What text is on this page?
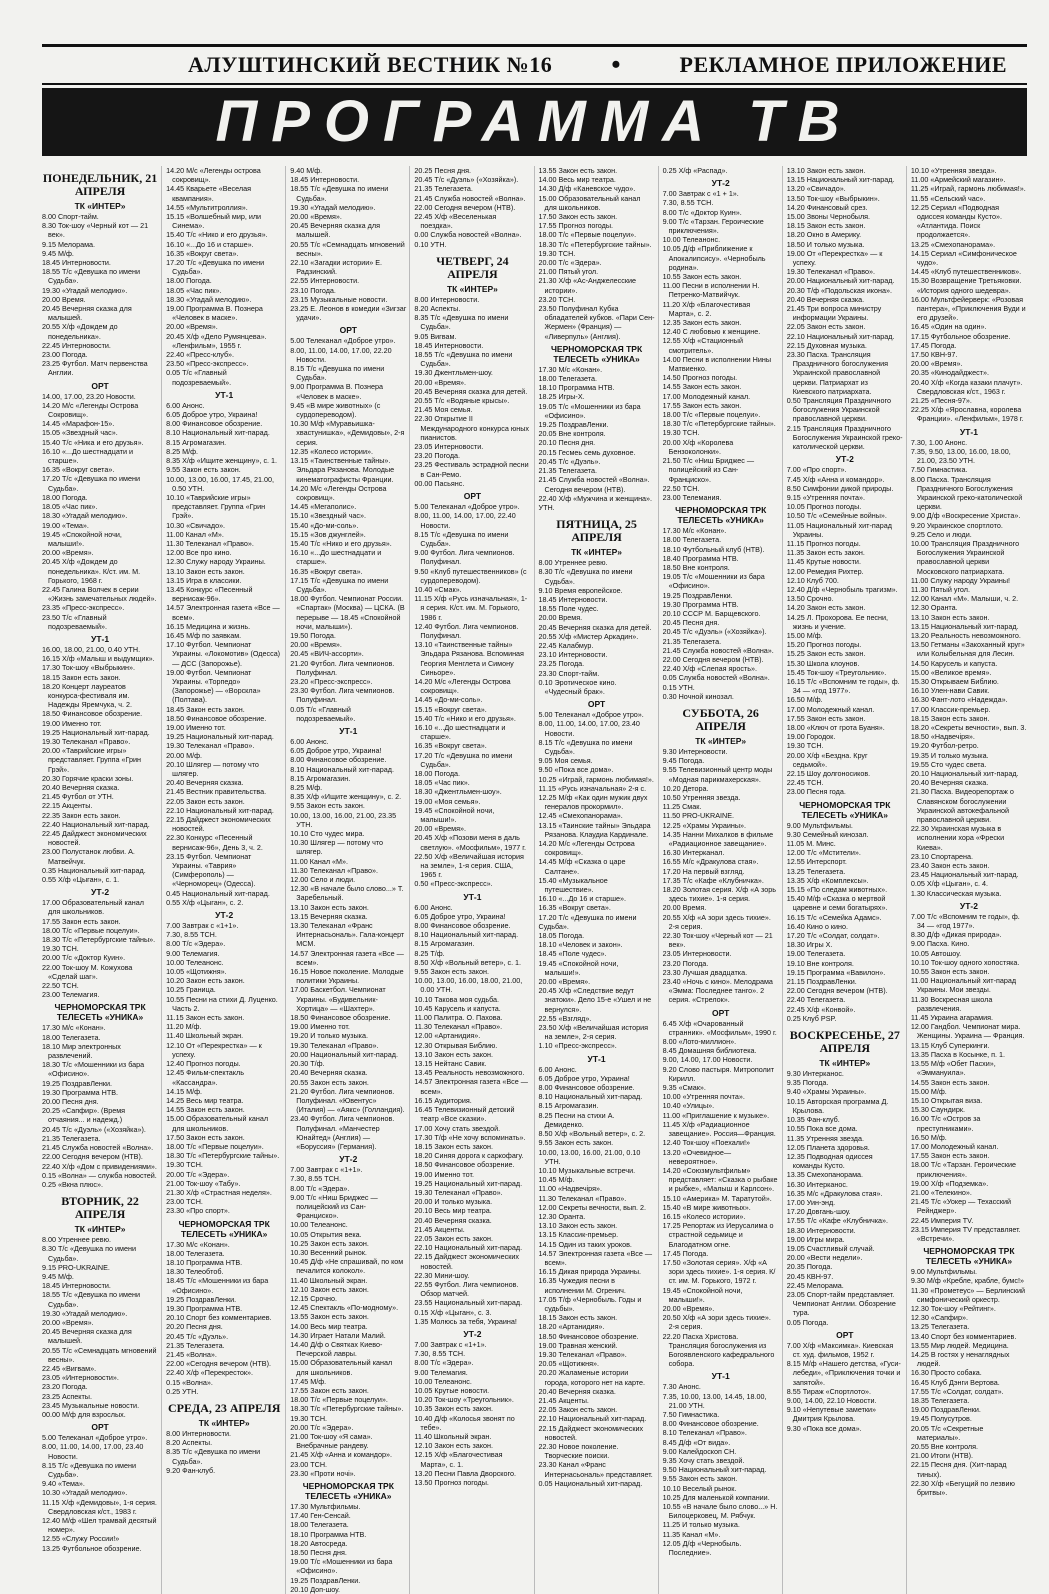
АЛУШТИНСКИЙ ВЕСТНИК №16 •	РЕКЛАМНОЕ ПРИЛОЖЕНИЕ
ПРОГРАММА ТВ
ПОНЕДЕЛЬНИК, 21 АПРЕЛЯ
ТК «ИНТЕР»
8.00 Спорт-тайм.
8.30 Ток-шоу «Черный кот — 21 век».
9.15 Мелорама.
9.45 М/ф.
18.45 Интерновости.
18.55 Т/с «Девушка по имени Судьба».
19.30 «Угадай мелодию».
20.00 Время.
20.45 Вечерняя сказка для малышей.
20.55 Х/ф «Дождем до понедельника».
22.45 Интерновости.
23.00 Погода.
23.25 Футбол. Матч первенства Англии.
ОРТ
14.00, 17.00, 23.20 Новости.
14.20 М/с «Легенды Острова Сокровищ».
14.45 «Марафон-15».
15.05 «Звездный час».
15.40 Т/с «Ника и его друзья».
16.10 «...До шестнадцати и старше».
16.35 «Вокруг света».
17.20 Т/с «Девушка по имени Судьба».
18.00 Погода.
18.05 «Час пик».
18.30 «Угадай мелодию».
19.00 «Тема».
19.45 «Спокойной ночи, малыши!».
20.00 «Время».
20.45 Х/ф «Дождем до понедельника». К/ст. им. М. Горького, 1968 г.
22.45 Галина Волчек в серии «Жизнь замечательных людей».
23.35 «Пресс-экспресс».
23.50 Т/с «Главный подозреваемый».
УТ-1
16.00, 18.00, 21.00, 0.40 УТН.
16.15 Х/ф «Малыш и выдумщик».
17.30 Ток-шоу «Выбрыкин».
18.15 Закон есть закон.
18.20 Концерт лауреатов конкурса-фестиваля им. Надежды Яремчука, ч. 2.
18.50 Финансовое обозрение.
19.00 Именно тот.
19.25 Национальный хит-парад.
19.30 Телеканал «Право».
20.00 «Таврийские игры» представляет. Группа «Грин Грэй».
20.30 Горячие краски зоны.
20.40 Вечерняя сказка.
21.45 Футбол от УТН.
22.15 Акценты.
22.35 Закон есть закон.
22.40 Национальный хит-парад.
22.45 Дайджест экономических новостей.
23.00 Полустанок любви. А. Матвейчук.
0.35 Национальный хит-парад.
0.55 Х/ф «Цыган», с. 1.
УТ-2
17.00 Образовательный канал для школьников.
17.55 Закон есть закон.
18.00 Т/с «Первые поцелуи».
18.30 Т/с «Петербургские тайны».
19.30 ТСН.
20.00 Т/с «Доктор Куин».
22.00 Ток-шоу М. Кожухова «Сделай шаг».
22.50 ТСН.
23.00 Телемагия.
ЧЕРНОМОРСКАЯ ТРК ТЕЛЕСЕТЬ «УНИКА»
17.30 М/с «Конан».
18.00 Телегазета.
18.10 Мир электронных развлечений.
18.30 Т/с «Мошенники из бара «Офисино».
19.25 ПоздравЛенки.
19.30 Программа НТВ.
20.00 Песня дня.
20.25 «Сапфир». (Время отчаяния... и надежд.)
20.45 Т/с «Дуэль» («Хозяйка»).
21.35 Телегазета.
21.45 Служба новостей «Волна».
22.00 Сегодня вечером (НТВ).
22.40 Х/ф «Дом с привидениями».
0.15 «Волна» — служба новостей.
0.25 «Вкна плюс».
ВТОРНИК, 22 АПРЕЛЯ
ТК «ИНТЕР»
8.00 Утреннее ревю.
8.30 Т/с «Девушка по имени Судьба».
9.15 PRO-UKRAINE.
9.45 М/ф.
18.45 Интерновости.
18.55 Т/с «Девушка по имени Судьба».
19.30 «Угадай мелодию».
20.00 «Время».
20.45 Вечерняя сказка для малышей.
20.55 Т/с «Семнадцать мгновений весны».
22.45 «Вигвам».
23.05 «Интерновости».
23.20 Погода.
23.25 Аспекты.
23.45 Музыкальные новости.
00.00 М/ф для взрослых.
ОРТ
5.00 Телеканал «Доброе утро».
8.00, 11.00, 14.00, 17.00, 23.40 Новости.
8.15 Т/с «Девушка по имени Судьба».
9.40 «Тема».
10.30 «Угадай мелодию».
11.15 Х/ф «Демидовы», 1-я серия. Свердловская к/ст., 1983 г.
12.40 М/ф «Шел трамвай десятый номер».
12.55 «Служу России!»
13.25 Футбольное обозрение.
14.20 М/с «Легенды острова сокровищ».
14.45 Кварьете «Веселая квампания».
14.55 «Мультитроллия».
15.15 «Волшебный мир, или Синема».
15.40 Т/с «Нико и его друзья».
16.10 «...До 16 и старше».
16.35 «Вокруг света».
17.20 Т/с «Девушка по имени Судьба».
18.00 Погода.
18.05 «Час пик».
18.30 «Угадай мелодию».
19.00 Программа В. Познера «Человек в маске».
20.00 «Время».
20.45 Х/ф «Дело Румянцева». «Ленфильм», 1955 г.
22.40 «Пресс-клуб».
23.50 «Пресс-экспресс».
0.05 Т/с «Главный подозреваемый».
УТ-1
6.00 Анонс.
6.05 Доброе утро, Украина!
8.00 Финансовое обозрение.
8.10 Национальный хит-парад.
8.15 Агромагазин.
8.25 М/ф.
8.35 Х/ф «Ищите женщину», с. 1.
9.55 Закон есть закон.
10.00, 13.00, 16.00, 17.45, 21.00, 0.50 УТН.
10.10 «Таврийские игры» представляет. Группа «Грин Грэй».
10.30 «Свичадо».
11.00 Канал «М».
11.30 Телеканал «Право».
12.00 Все про кино.
12.30 Служу народу Украины.
13.10 Закон есть закон.
13.15 Игра в классики.
13.45 Конкурс «Песенный вернисаж-96».
14.57 Электронная газета «Все — всем».
16.15 Медицина и жизнь.
16.45 М/ф по заявкам.
17.10 Футбол. Чемпионат Украины. «Локомотив» (Одесса) — ДСС (Запорожье).
19.00 Футбол. Чемпионат Украины. «Торпедо» (Запорожье) — «Ворскла» (Полтава).
18.45 Закон есть закон.
18.50 Финансовое обозрение.
19.00 Именно тот.
19.25 Национальный хит-парад.
19.30 Телеканал «Право».
20.00 М/ф.
20.10 Шлягер — потому что шлягер.
20.40 Вечерняя сказка.
21.45 Вестник правительства.
22.05 Закон есть закон.
22.10 Национальный хит-парад.
22.15 Дайджест экономических новостей.
22.30 Конкурс «Песенный вернисаж-96», День 3, ч. 2.
23.15 Футбол. Чемпионат Украины. «Таврия» (Симферополь) — «Черноморец» (Одесса).
0.45 Национальный хит-парад.
0.55 Х/ф «Цыган», с. 2.
УТ-2
7.00 Завтрак с «1+1».
7.30, 8.55 ТСН.
8.00 Т/с «Эдера».
9.00 Телемагия.
10.00 Телеанонс.
10.05 «Щотижня».
10.20 Закон есть закон.
10.25 Граница.
10.55 Песни на стихи Д. Луценко. Часть 2.
11.15 Закон есть закон.
11.20 М/ф.
11.40 Школьный экран.
12.10 От «Перекрестка» — к успеху.
12.40 Прогноз погоды.
12.45 Фильм-спектакль «Кассандра».
14.15 М/ф.
14.25 Весь мир театра.
14.55 Закон есть закон.
15.00 Образовательный канал для школьников.
17.50 Закон есть закон.
18.00 Т/с «Первые поцелуи».
18.30 Т/с «Петербургские тайны».
19.30 ТСН.
20.00 Т/с «Эдера».
21.00 Ток-шоу «Табу».
21.30 Х/ф «Страстная неделя».
23.00 ТСН.
23.30 «Про спорт».
ЧЕРНОМОРСКАЯ ТРК ТЕЛЕСЕТЬ «УНИКА»
17.30 М/с «Конан».
18.00 Телегазета.
18.10 Программа НТВ.
18.30 Телеобтоб.
18.45 Т/с «Мошенники из бара «Офисино».
19.25 ПоздравЛенки.
19.30 Программа НТВ.
20.10 Спорт без комментариев.
20.20 Песня дня.
20.45 Т/с «Дуэль».
21.35 Телегазета.
21.45 «Волна».
22.00 «Сегодня вечером (НТВ).
22.40 Х/ф «Перекресток».
0.15 «Волна».
0.25 УТН.
СРЕДА, 23 АПРЕЛЯ
ТК «ИНТЕР»
8.00 Интерновости.
8.20 Аспекты.
8.35 Т/с «Девушка по имени Судьба».
9.20 Фан-клуб.
9.40 М/ф.
18.45 Интерновости.
18.55 Т/с «Девушка по имени Судьба».
19.30 «Угадай мелодию».
20.00 «Время».
20.45 Вечерняя сказка для малышей.
20.55 Т/с «Семнадцать мгновений весны».
22.10 «Загадки истории» Е. Радзинский.
22.55 Интерновости.
23.10 Погода.
23.15 Музыкальные новости.
23.25 Е. Леонов в комедии «Зигзаг удачи».
ОРТ
5.00 Телеканал «Доброе утро».
8.00, 11.00, 14.00, 17.00, 22.20 Новости.
8.15 Т/с «Девушка по имени Судьба».
9.00 Программа В. Познера «Человек в маске».
9.45 «В мире животных» (с сурдопереводом).
10.30 М/ф «Муравьишка-хвастунишка», «Демидовы», 2-я серия.
12.35 «Колесо истории».
13.15 «Таинственные тайны». Эльдара Рязанова. Молодые кинематографисты Франции.
14.20 М/с «Легенды Острова сокровищ».
14.45 «Мегаполис».
15.10 «Звездный час».
15.40 «До-ми-соль».
15.15 «Зов джунглей».
15.40 Т/с «Нико и его друзья».
16.10 «...До шестнадцати и старше».
16.35 «Вокруг света».
17.15 Т/с «Девушка по имени Судьба».
18.00 Футбол. Чемпионат России. «Спартак» (Москва) — ЦСКА. (В перерыве — 18.45 «Спокойной ночи, малыши»).
19.50 Погода.
20.00 «Время».
20.45 «ВИЧ-ассорти».
21.20 Футбол. Лига чемпионов. Полуфинал.
23.20 «Пресс-экспресс».
23.30 Футбол. Лига чемпионов. Полуфинал.
0.05 Т/с «Главный подозреваемый».
УТ-1
6.00 Анонс.
6.05 Доброе утро, Украина!
8.00 Финансовое обозрение.
8.10 Национальный хит-парад.
8.15 Агромагазин.
8.25 М/ф.
8.35 Х/ф «Ищите женщину», с. 2.
9.55 Закон есть закон.
10.00, 13.00, 16.00, 21.00, 23.35 УТН.
10.10 Сто чудес мира.
10.30 Шлягер — потому что шлягер.
11.00 Канал «М».
11.30 Телеканал «Право».
12.00 Село и люди.
12.30 «В начале было слово...» Т. Заребельный.
13.10 Закон есть закон.
13.15 Вечерняя сказка.
13.30 Телеканал «Франс Интернасьональ». Гала-концерт МСМ.
14.57 Электронная газета «Все — всем».
16.15 Новое поколение. Молодые политики Украины.
17.00 Баскетбол. Чемпионат Украины. «Будивельник-Хортица» — «Шахтер».
18.50 Финансовое обозрение.
19.00 Именно тот.
19.20 И только музыка.
19.30 Телеканал «Право».
20.00 Национальный хит-парад.
20.30 Т/ф.
20.40 Вечерняя сказка.
20.55 Закон есть закон.
21.20 Футбол. Лига чемпионов. Полуфинал. «Ювентус» (Италия) — «Аякс» (Голландия).
23.40 Футбол. Лига чемпионов. Полуфинал. «Манчестер Юнайтед» (Англия) — «Боруссия» (Германия).
УТ-2
7.00 Завтрак с «1+1».
7.30, 8.55 ТСН.
8.00 Т/с «Эдера».
9.00 Т/с «Ниш Бриджес — полицейский из Сан-Франциско».
10.00 Телеанонс.
10.05 Открытия века.
10.25 Закон есть закон.
10.30 Весенний рынок.
10.45 Д/ф «Не спрашивай, по ком печалится колокол».
11.40 Школьный экран.
12.10 Закон есть закон.
12.15 Срочно.
12.45 Спектакль «По-модному».
13.55 Закон есть закон.
14.00 Весь мир театра.
14.30 Играет Натали Малий.
14.40 Д/ф о Святках Киево-Печерской лавры.
15.00 Образовательный канал для школьников.
17.45 М/ф.
17.55 Закон есть закон.
18.00 Т/с «Первые поцелуи».
18.30 Т/с «Петербургские тайны».
19.30 ТСН.
20.00 Т/с «Эдера».
21.00 Ток-шоу «Я сама». Внебрачные рандеву.
21.45 Х/ф «Анна и командор».
23.00 ТСН.
23.30 «Проти ночі».
ЧЕРНОМОРСКАЯ ТРК ТЕЛЕСЕТЬ «УНИКА»
17.30 Мультфильмы.
17.40 Ген-Сенсай.
18.00 Телегазета.
18.10 Программа НТВ.
18.20 Автосреда.
18.50 Песня дня.
19.00 Т/с «Мошенники из бара «Офисино».
19.25 ПоздравЛенки.
20.10 Доп-шоу.
20.25 Песня дня.
20.45 Т/с «Дуэль» («Хозяйка»).
21.35 Телегазета.
21.45 Служба новостей «Волна».
22.00 Сегодня вечером (НТВ).
22.45 Х/ф «Веселенькая поездка».
0.00 Служба новостей «Волна».
0.10 УТН.
ЧЕТВЕРГ, 24 АПРЕЛЯ
ТК «ИНТЕР»
8.00 Интерновости.
8.20 Аспекты.
8.35 Т/с «Девушка по имени Судьба».
9.05 Вигвам.
18.45 Интерновости.
18.55 Т/с «Девушка по имени Судьба».
19.30 Джентльмен-шоу.
20.00 «Время».
20.45 Вечерняя сказка для детей.
20.55 Т/с «Водяные крысы».
21.45 Моя семья.
22.30 Открытие II Международного конкурса юных пианистов.
23.05 Интерновости.
23.20 Погода.
23.25 Фестиваль эстрадной песни в Сан-Ремо.
00.00 Пасьянс.
ОРТ
5.00 Телеканал «Доброе утро».
8.00, 11.00, 14.00, 17.00, 22.40 Новости.
8.15 Т/с «Девушка по имени Судьба».
9.00 Футбол. Лига чемпионов. Полуфинал.
9.50 «Клуб путешественников» (с сурдопереводом).
10.40 «Смак».
11.15 Х/ф «Русь изначальная», 1-я серия. К/ст. им. М. Горького, 1986 г.
12.40 Футбол. Лига чемпионов. Полуфинал.
13.10 «Таинственные тайны» Эльдара Рязанова. Вспоминая Георгия Менглета и Симону Синьоре».
14.20 М/с «Легенды Острова сокровищ».
14.45 «До-ми-соль».
15.15 «Вокруг света».
15.40 Т/с «Нико и его друзья».
16.10 «...До шестнадцати и старше».
16.35 «Вокруг света».
17.20 Т/с «Девушка по имени Судьба».
18.00 Погода.
18.05 «Час пик».
18.30 «Джентльмен-шоу».
19.00 «Моя семья».
19.45 «Спокойной ночи, малыши!».
20.00 «Время».
20.45 Х/ф «Позови меня в даль светлую». «Мосфильм», 1977 г.
22.50 Х/ф «Величайшая история на земле», 1-я серия. США, 1965 г.
0.50 «Пресс-экспресс».
УТ-1
6.00 Анонс.
6.05 Доброе утро, Украина!
8.00 Финансовое обозрение.
8.10 Национальный хит-парад.
8.15 Агромагазин.
8.25 Т/ф.
8.50 Х/ф «Вольный ветер», с. 1.
9.55 Закон есть закон.
10.00, 13.00, 16.00, 18.00, 21.00, 0.00 УТН.
10.10 Такова моя судьба.
10.45 Карусель и капуста.
11.00 Палитра. О. Пахова.
11.30 Телеканал «Право».
12.00 «Артанидия».
12.30 Открывая Библию.
13.10 Закон есть закон.
13.15 Нейтанс Савик.
13.45 Реальность невозможного.
14.57 Электронная газета «Все — всем».
16.15 Аудитория.
16.45 Телевизионный детский театр «Все сказки».
17.00 Хочу стать звездой.
17.30 Т/ф «Не хочу вспоминать».
18.15 Закон есть закон.
18.20 Синяя дорога к саркофагу.
18.50 Финансовое обозрение.
19.00 Именно тот.
19.25 Национальный хит-парад.
19.30 Телеканал «Право».
20.00 И только музыка.
20.10 Весь мир театра.
20.40 Вечерняя сказка.
21.45 Акценты.
22.05 Закон есть закон.
22.10 Национальный хит-парад.
22.15 Дайджест экономических новостей.
22.30 Мини-шоу.
22.55 Футбол. Лига чемпионов. Обзор матчей.
23.55 Национальный хит-парад.
0.15 Х/ф «Цыган», с. 3.
1.35 Молюсь за тебя, Украина!
УТ-2
7.00 Завтрак с «1+1».
7.30, 8.55 ТСН.
8.00 Т/с «Эдера».
9.00 Телемагия.
10.00 Телеанонс.
10.05 Крутые новости.
10.20 Ток-шоу «Треугольник».
10.35 Закон есть закон.
10.40 Д/ф «Колосья звонят по тебе».
11.40 Школьный экран.
12.10 Закон есть закон.
12.15 Х/ф «Благочестивая Марта», с. 1.
13.20 Песни Павла Дворского.
13.50 Прогноз погоды.
13.55 Закон есть закон.
14.00 Весь мир театра.
14.30 Д/ф «Каневское чудо».
15.00 Образовательный канал для школьников.
17.50 Закон есть закон.
17.55 Прогноз погоды.
18.00 Т/с «Первые поцелуи».
18.30 Т/с «Петербургские тайны».
19.30 ТСН.
20.00 Т/с «Эдера».
21.00 Пятый угол.
21.30 Х/ф «Ас-Анджелесские истории».
23.20 ТСН.
23.50 Полуфинал Кубка обладателей кубков. «Пари Сен-Жермен» (Франция) — «Ливерпуль» (Англия).
ЧЕРНОМОРСКАЯ ТРК ТЕЛЕСЕТЬ «УНИКА»
17.30 М/с «Конан».
18.00 Телегазета.
18.10 Программа НТВ.
18.25 Игры-Х.
19.05 Т/с «Мошенники из бара «Офисино».
19.25 ПоздравЛенки.
20.05 Вне контроля.
20.10 Песня дня.
20.15 Гесмеь семь духовное.
20.45 Т/с «Дуэль».
21.35 Телегазета.
21.45 Служба новостей «Волна». Сегодня вечером (НТВ).
22.40 Х/ф «Мужчина и женщина».
УТН.
ПЯТНИЦА, 25 АПРЕЛЯ
ТК «ИНТЕР»
8.00 Утреннее ревю.
8.30 Т/с «Девушка по имени Судьба».
9.10 Время европейское.
18.45 Интерновости.
18.55 Поле чудес.
20.00 Время.
20.45 Вечерняя сказка для детей.
20.55 Х/ф «Мистер Аркадин».
22.45 Калабмур.
23.10 Интерновости.
23.25 Погода.
23.30 Спорт-тайм.
0.10 Эротическое кино. «Чудесный брак».
ОРТ
5.00 Телеканал «Доброе утро».
8.00, 11.00, 14.00, 17.00, 23.40 Новости.
8.15 Т/с «Девушка по имени Судьба».
9.05 Моя семья.
9.50 «Пока все дома».
10.25 «Играй, гармонь любимая!».
11.15 «Русь изначальная» 2-я с.
12.25 М/ф «Как один мужик двух генералов прокормил».
12.45 «Смехопанорама».
13.15 «Таинские тайны» Эльдара Рязанова. Клаудиа Кардинале.
14.20 М/с «Легенды Острова сокровищ».
14.45 М/ф «Сказка о царе Салтане».
15.40 «Музыкальное путешествие».
16.10 «...До 16 и старше».
16.35 «Вокруг света».
17.20 Т/с «Девушка по имени
Судьба».
18.05 Погода.
18.10 «Человек и закон».
18.45 «Поле чудес».
19.45 «Спокойной ночи, малыши!».
20.00 «Время».
20.45 Х/ф «Следствие ведут знатоки». Дело 15-е «Ушел и не вернулся».
22.55 «Взгляд».
23.50 Х/ф «Величайшая история на земле», 2-я серия.
1.10 «Пресс-экспресс».
УТ-1
6.00 Анонс.
6.05 Доброе утро, Украина!
8.00 Финансовое обозрение.
8.10 Национальный хит-парад.
8.15 Агромагазин.
8.25 Песни на стихи А. Демиденко.
8.50 Х/ф «Вольный ветер», с. 2.
9.55 Закон есть закон.
10.00, 13.00, 16.00, 21.00, 0.10 УТН.
10.10 Музыкальные встречи.
10.45 М/ф.
11.00 «Надвечiря».
11.30 Телеканал «Право».
12.00 Секреты вечности, вып. 2.
12.30 Оранта.
13.10 Закон есть закон.
13.15 Классик-премьер.
14.15 Один из таких уроков.
14.57 Электронная газета «Все — всем».
16.15 Дикая природа Украины.
16.35 Чужедия песни в исполнении М. Огренич.
17.05 Т/ф «Чернобыль. Годы и судьбы».
18.15 Закон есть закон.
18.20 «Артанидия».
18.50 Финансовое обозрение.
19.00 Травная женский.
19.30 Телеканал «Право».
20.05 «Щотижня».
20.20 Жаламеные истории города, которого нет на карте.
20.40 Вечерняя сказка.
21.45 Акценты.
22.05 Закон есть закон.
22.10 Национальный хит-парад.
22.15 Дайджест экономических новостей.
22.30 Новое поколение. Творческие поиски.
23.30 Канал «Франс Интернасьональ» представляет.
0.05 Национальный хит-парад.
0.25 Х/ф «Распад».
УТ-2
7.00 Завтрак с «1 + 1».
7.30, 8.55 ТСН.
8.00 Т/с «Доктор Куин».
9.00 Т/с «Тарзан. Героические приключения».
10.00 Телеанонс.
10.05 Д/ф «Приближение к Апокалипсису». «Чернобыль родина».
10.55 Закон есть закон.
11.00 Песни в исполнении Н. Петренко-Матвийчук.
11.20 Х/ф «Благочестивая Марта», с. 2.
12.35 Закон есть закон.
12.40 С любовью к женщине.
12.55 Х/ф «Стационный смотритель».
14.00 Песни в исполнении Нины Матвиенко.
14.50 Прогноз погоды.
14.55 Закон есть закон.
17.00 Молодежный канал.
17.55 Закон есть закон.
18.00 Т/с «Первые поцелуи».
18.30 Т/с «Петербургские тайны».
19.30 ТСН.
20.00 Х/ф «Королева Бензоколонки».
21.50 Т/с «Ниш Бриджес — полицейский из Сан-Франциско».
22.50 ТСН.
23.00 Телемания.
ЧЕРНОМОРСКАЯ ТРК ТЕЛЕСЕТЬ «УНИКА»
17.30 М/с «Конан».
18.00 Телегазета.
18.10 Футбольный клуб (НТВ).
18.40 Программа НТВ.
18.50 Вне контроля.
19.05 Т/с «Мошенники из бара «Офисино».
19.25 ПоздравЛенки.
19.30 Программа НТВ.
20.10 СССР М. Барщевского.
20.45 Песня дня.
20.45 Т/с «Дуэль» («Хозяйка»).
21.35 Телегазета.
21.45 Служба новостей «Волна».
22.00 Сегодня вечером (НТВ).
22.40 Х/ф «Слепая ярость».
0.05 Служба новостей «Волна».
0.15 УТН.
0.30 Ночной кинозал.
СУББОТА, 26 АПРЕЛЯ
ТК «ИНТЕР»
9.30 Интерновости.
9.45 Погода.
9.55 Телевизионный центр моды «Модная парикмахерская».
10.20 Детора.
10.50 Утренняя звезда.
11.25 Смак.
11.50 PRO-UKRAINE.
12.25 «Храмы Украины».
14.35 Нанни Михалков в фильме «Радиационное завещание».
16.30 Интерканал.
16.55 М/с «Дракулова стая».
17.20 На первый взгляд.
17.35 Т/с «Кафе «Клубничка».
18.20 Золотая серия. Х/ф «А зорь здесь тихие». 1-я серия.
20.00 Время.
20.55 Х/ф «А зори здесь тихие». 2-я серия.
22.30 Ток-шоу «Черный кот — 21 век».
23.05 Интерновости.
23.20 Погода.
23.30 Лучшая двадцатка.
23.40 «Ночь с кино». Мелодрама «Эмма: Последнее танго». 2 серия. «Стрелок».
ОРТ
6.45 Х/ф «Очарованный странник». «Мосфильм», 1990 г.
8.00 «Лото-миллион».
8.45 Домашняя библиотека.
9.00, 14.00, 17.00 Новости.
9.20 Слово пастыря. Митрополит Кирилл.
9.35 «Смак».
10.00 «Утренняя почта».
10.40 «Улицы».
11.00 «Приглашение к музыке».
11.45 Х/ф «Радиационное завещание». Россия—Франция.
12.40 Ток-шоу «Поехали!»
13.20 «Очевидное—невероятное».
14.20 «Союзмультфильм» представляет: «Сказка о рыбаке и рыбке», «Малыш и Карлсон».
15.10 «Америка» М. Таратутой».
15.40 «В мире животных».
16.15 «Колесо истории».
17.25 Репортаж из Иерусалима о страстной седьмице и Благодатном огне.
17.45 Погода.
17.50 «Золотая серия». Х/ф «А зори здесь тихие». 1-я серия. К/ст. им. М. Горького, 1972 г.
19.45 «Спокойной ночи, малыши!».
20.00 «Время».
20.50 Х/ф «А зори здесь тихие». 2-я серия.
22.20 Пасха Христова. Трансляция богослужения из Богоявленского кафедрального собора.
УТ-1
7.30 Анонс.
7.35, 10.00, 13.00, 14.45, 18.00, 21.00 УТН.
7.50 Гимнастика.
8.00 Финансовое обозрение.
8.10 Телеканал «Право».
8.45 Д/ф «От вида».
9.00 Калейдоскоп СН.
9.35 Хочу стать звездой.
9.50 Национальный хит-парад.
9.55 Закон есть закон.
10.10 Веселый рынок.
10.25 Для маленькой компании.
10.55 «В начале было слово...» Н. Билоцерковец, М. Рябчук.
11.25 И только музыка.
11.35 Канал «М».
12.05 Д/ф «Чернобыль. Последние».
13.10 Закон есть закон.
13.15 Национальный хит-парад.
13.20 «Свичадо».
13.50 Ток-шоу «Выбрыкин».
14.20 Финансовый срез.
15.00 Звоны Чернобыля.
18.15 Закон есть закон.
18.20 Окно в Америку.
18.50 И только музыка.
19.00 От «Перекрестка» — к успеху.
19.30 Телеканал «Право».
20.00 Национальный хит-парад.
20.30 Т/ф «Подольская икона».
20.40 Вечерняя сказка.
21.45 Три вопроса министру информации Украины.
22.05 Закон есть закон.
22.10 Национальный хит-парад.
22.15 Духовная музыка.
23.30 Пасха. Трансляция Праздничного богослужения Украинской православной церкви. Патриархат из Киевского патриархата.
0.50 Трансляция Праздничного богослужения Украинской православной церкви.
2.15 Трансляция Праздничного Богослужения Украинской греко-католической церкви.
УТ-2
7.00 «Про спорт».
7.45 Х/ф «Анна и командор».
8.50 Симфонии дикой природы.
9.15 «Утренняя почта».
10.05 Прогноз погоды.
10.50 Т/с «Семейные войны».
11.05 Национальный хит-парад Украины.
11.15 Прогноз погоды.
11.35 Закон есть закон.
11.45 Крутые новости.
12.00 Ремедия Рихтер.
12.10 Клуб 700.
12.40 Д/ф «Чернобыль трагизм».
13.50 Срочно.
14.20 Закон есть закон.
14.25 Л. Прохорова. Ее песни, жизнь и учение.
15.00 М/ф.
15.20 Прогноз погоды.
15.25 Закон есть закон.
15.30 Школа клоунов.
15.45 Ток-шоу «Треугольник».
16.15 Т/с «Вспомним те годы», ф. 34 — «год 1977».
16.50 М/ф.
17.00 Молодежный канал.
17.55 Закон есть закон.
18.00 «Ключ от грота Буаня».
19.00 Городок.
19.30 ТСН.
20.00 Х/ф «Бездна. Круг седьмой».
22.15 Шоу долгоносиков.
22.45 ТСН.
23.00 Песня года.
ЧЕРНОМОРСКАЯ ТРК ТЕЛЕСЕТЬ «УНИКА»
9.00 Мультфильмы.
9.30 Семейный кинозал.
11.05 М. Минс.
12.00 Т/с «Мстители».
12.55 Интерспорт.
13.25 Телегазета.
13.35 Х/ф «Комплексы».
15.15 «По следам животных».
15.40 М/ф «Сказка о мертвой царевне и семи богатырях».
16.15 Т/с «Семейка Адамс».
16.40 Кино о кино.
17.20 Т/с «Солдат, солдат».
18.30 Игры Х.
19.00 Телегазета.
19.10 Вне контроля.
19.15 Программа «Вавилон».
21.15 ПоздравЛенки.
22.00 Сегодня вечером (НТВ).
22.40 Телегазета.
22.45 Х/ф «Конвой».
0.25 Клуб PSP.
ВОСКРЕСЕНЬЕ, 27 АПРЕЛЯ
ТК «ИНТЕР»
9.30 Интерканос.
9.35 Погода.
9.40 «Храмы Украины».
10.15 Авторская программа Д. Крылова.
10.35 Фан-клуб.
10.55 Пока все дома.
11.35 Утренняя звезда.
12.05 Планета здоровья.
12.35 Подводная одиссея команды Кусто.
13.35 Смехопанорама.
16.30 Интерканос.
16.35 М/с «Дракулова стая».
17.00 Уин-энд.
17.20 Довгань-шоу.
17.55 Т/с «Кафе «Клубничка».
18.30 Интерновости.
19.00 Игры мира.
19.05 Счастливый случай.
20.00 «Вести недели».
20.35 Погода.
20.45 КВН-97.
22.45 Мелорама.
23.05 Спорт-тайм представляет. Чемпионат Англии. Обозрение тура.
0.05 Погода.
ОРТ
7.00 Х/ф «Максимка». Киевская ст. худ. фильмов, 1952 г.
8.15 М/ф «Нашего детства, «Гуси-лебеди», «Приключения точки и запятой».
8.55 Тираж «Спортлото».
9.00, 14.00, 22.10 Новости.
9.10 «Непутевые заметки» Дмитрия Крылова.
9.30 «Пока все дома».
10.10 «Утренняя звезда».
11.00 «Армейский магазин».
11.25 «Играй, гармонь любимая!».
11.55 «Сельский час».
12.25 Сериал «Подводная одиссея команды Кусто». «Атлантида. Поиск продолжается».
13.25 «Смехопанорама».
14.15 Сериал «Симфоническое чудо».
14.45 «Клуб путешественников».
15.30 Возвращение Третьяковки. «История одного шедевра».
16.00 Мультфейерверк: «Розовая пантера», «Приключения Вуди и его друзей».
16.45 «Один на один».
17.15 Футбольное обозрение.
17.45 Погода.
17.50 КВН-97.
20.00 «Время».
20.35 «Кинодайджест».
20.40 Х/ф «Когда казаки плачут». Свердловская к/ст., 1963 г.
21.25 «Песня-97».
22.25 Х/ф «Ярославна, королева Франции». «Ленфильм», 1978 г.
УТ-1
7.30, 1.00 Анонс.
7.35, 9.50, 13.00, 16.00, 18.00, 21.00, 23.50 УТН.
7.50 Гимнастика.
8.00 Пасха. Трансляция Праздничного Богослужения Украинской греко-католической церкви.
9.00 Д/ф «Воскресение Христа».
9.20 Украинское спортлото.
9.25 Село и люди.
10.00 Трансляция Праздничного Богослужения Украинской православной церкви Московского патриархата.
11.00 Служу народу Украины!
11.30 Пятый угол.
12.00 Канал «М». Малыши, ч. 2.
12.30 Оранта.
13.10 Закон есть закон.
13.15 Национальный хит-парад.
13.20 Реальность невозможного.
13.50 Гетманы «Закоханный круг» или Колыбельная для Лесин.
14.50 Карусель и капуста.
15.00 «Великое время».
15.30 Открываем Библию.
16.10 Улен-нави Савик.
16.30 Фант-лото «Надежда».
17.00 Классик-премьер.
18.15 Закон есть закон.
18.20 «Секреты вечности», вып. 3.
18.50 «Надвечiря».
19.20 Футбол-ретро.
19.35 И только музыка.
19.55 Сто чудес света.
20.10 Национальный хит-парад.
20.40 Вечерняя сказка.
21.30 Пасха. Видеорепортаж о Славянском богослужении Украинской автокефальной православной церкви.
22.30 Украинская музыка в исполнении хора «Фрески Киева».
23.10 Спортарена.
23.40 Закон есть закон.
23.45 Национальный хит-парад.
0.05 Х/ф «Цыган», с. 4.
1.30 Классическая музыка.
УТ-2
7.00 Т/с «Вспомним те годы», ф. 34 — «год 1977».
8.30 Д/ф «Дикая природа».
9.00 Пасха. Кино.
10.05 Автошоу.
10.10 Ток-шоу одного хопостяка.
10.55 Закон есть закон.
11.00 Национальный хит-парад Украины. Мои звезды.
11.30 Воскресная школа развлечения.
11.45 Украина агарамия.
12.00 Гандбол. Чемпионат мира. Женщины. Украина — Франция.
13.15 Клуб Суперкинги.
13.35 Пасха в Косынке, п. 1.
13.55 М/ф «Обет Пасхи», «Эммануила».
14.55 Закон есть закон.
15.00 М/ф.
15.10 Открытая виза.
15.30 Саундирк.
16.00 Т/с «Остров за преступниками».
16.50 М/ф.
17.00 Молодежный канал.
17.55 Закон есть закон.
18.00 Т/с «Тарзан. Героические приключения».
19.00 Х/ф «Подземка».
21.00 «Телекино».
21.45 Т/с «Уокер — Техасский Рейнджер».
22.45 Империя TV.
23.15 Империя TV представляет. «Встречи».
ЧЕРНОМОРСКАЯ ТРК ТЕЛЕСЕТЬ «УНИКА»
9.00 Мультфильмы.
9.30 М/ф «Кребле, крабле, бумс!»
11.30 «Прометеус» — Берлинский симфонический оркестр.
12.30 Ток-шоу «Рейтинг».
12.30 «Сапфир».
13.25 Телегазета.
13.40 Спорт без комментариев.
13.55 Мир людей. Медицина.
14.25 В гостях у ненаглядных людей.
16.30 Просто собака.
16.45 Клуб Дэнги Вертова.
17.55 Т/с «Солдат, солдат».
18.35 Телегазета.
19.00 ПоздравЛенки.
19.45 Полусутров.
20.05 Т/с «Секретные материалы».
20.55 Вне контроля.
21.00 Итоги (НТВ).
22.15 Песня дня. (Хит-парад тиных).
22.30 Х/ф «Бегущий по лезвию бритвы».
